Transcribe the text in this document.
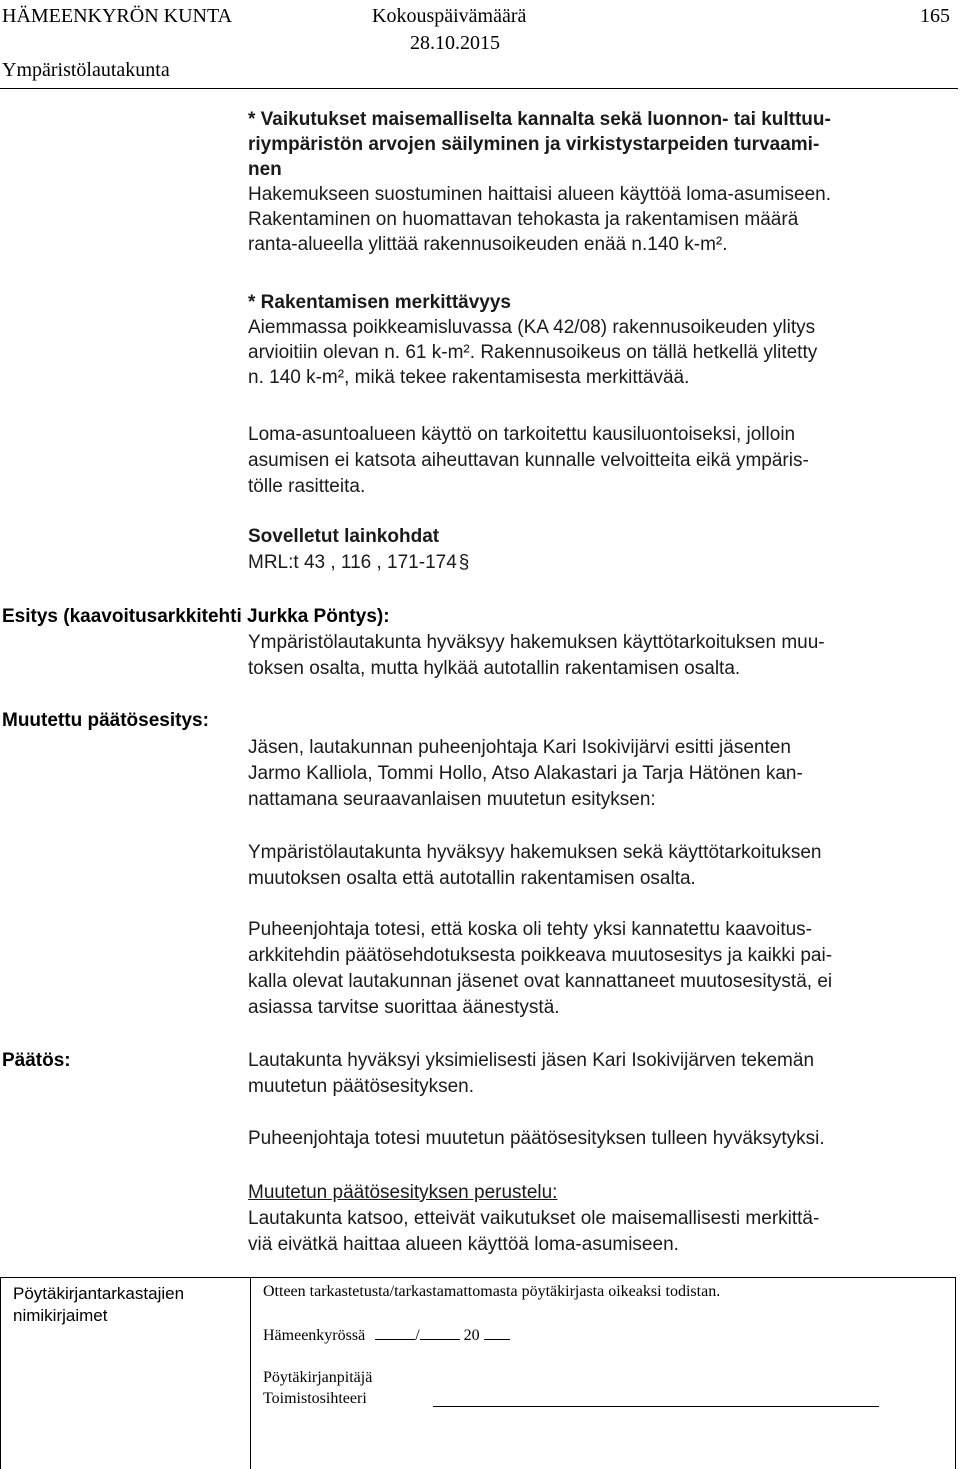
HÄMEENKYRÖN KUNTA	Kokouspäivämäärä
28.10.2015
165
Ympäristölautakunta

* Vaikutukset maisemalliselta kannalta sekä luonnon- tai kulttuu-

riympäristön arvojen säilyminen ja virkistystarpeiden turvaami-

nen

Hakemukseen suostuminen haittaisi alueen käyttöä loma-asumiseen.

Rakentaminen on huomattavan tehokasta ja rakentamisen määrä

ranta-alueella ylittää rakennusoikeuden enää n.140 k-m².

* Rakentamisen merkittävyys

Aiemmassa poikkeamisluvassa (KA 42/08) rakennusoikeuden ylitys

arvioitiin olevan n. 61 k-m². Rakennusoikeus on tällä hetkellä ylitetty

n. 140 k-m², mikä tekee rakentamisesta merkittävää.

Loma-asuntoalueen käyttö on tarkoitettu kausiluontoiseksi, jolloin

asumisen ei katsota aiheuttavan kunnalle velvoitteita eikä ympäris-

tölle rasitteita.

Sovelletut lainkohdat

MRL:t 43 , 116 , 171-174 §

Esitys (kaavoitusarkkitehti Jurkka Pöntys):

Ympäristölautakunta hyväksyy hakemuksen käyttötarkoituksen muu-

toksen osalta, mutta hylkää autotallin rakentamisen osalta.

Muutettu päätösesitys:

Jäsen, lautakunnan puheenjohtaja Kari Isokivijärvi esitti jäsenten

Jarmo Kalliola, Tommi Hollo, Atso Alakastari ja Tarja Hätönen kan-

nattamana seuraavanlaisen muutetun esityksen:

Ympäristölautakunta hyväksyy hakemuksen sekä käyttötarkoituksen

muutoksen osalta että autotallin rakentamisen osalta.

Puheenjohtaja totesi, että koska oli tehty yksi kannatettu kaavoitus-

arkkitehdin päätösehdotuksesta poikkeava muutosesitys ja kaikki pai-

kalla olevat lautakunnan jäsenet ovat kannattaneet muutosesitystä, ei

asiassa tarvitse suorittaa äänestystä.

Päätös:	Lautakunta hyväksyi yksimielisesti jäsen Kari Isokivijärven tekemän

muutetun päätösesityksen.

Puheenjohtaja totesi muutetun päätösesityksen tulleen hyväksytyksi.

Muutetun päätösesityksen perustelu:

Lautakunta katsoo, etteivät vaikutukset ole maisemallisesti merkittä-

viä eivätkä haittaa alueen käyttöä loma-asumiseen.

Pöytäkirjantarkastajien
nimikirjaimet
Otteen tarkastetusta/tarkastamattomasta pöytäkirjasta oikeaksi todistan.
Hämeenkyrössä	/	20
Pöytäkirjanpitäjä
Toimistosihteeri
